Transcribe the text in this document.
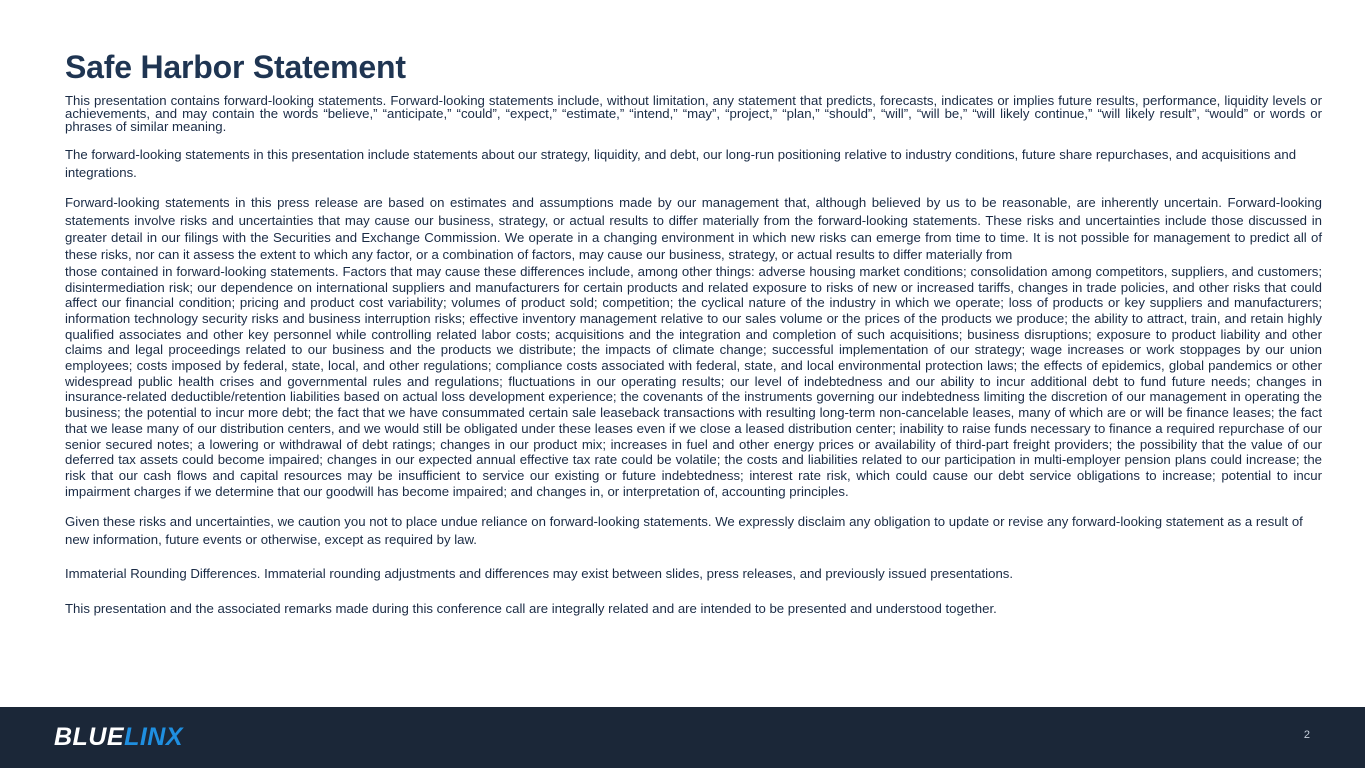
Safe Harbor Statement

This presentation contains forward-looking statements. Forward-looking statements include, without limitation, any statement that predicts, forecasts, indicates or implies future results, performance, liquidity levels or achievements, and may contain the words “believe,” “anticipate,” “could”, “expect,” “estimate,” “intend,” “may”, “project,” “plan,” “should”, “will”, “will be,” “will likely continue,” “will likely result”, “would” or words or phrases of similar meaning.

The forward-looking statements in this presentation include statements about our strategy, liquidity, and debt, our long-run positioning relative to industry conditions, future share repurchases, and acquisitions and integrations.

Forward-looking statements in this press release are based on estimates and assumptions made by our management that, although believed by us to be reasonable, are inherently uncertain. Forward-looking statements involve risks and uncertainties that may cause our business, strategy, or actual results to differ materially from the forward-looking statements. These risks and uncertainties include those discussed in greater detail in our filings with the Securities and Exchange Commission. We operate in a changing environment in which new risks can emerge from time to time. It is not possible for management to predict all of these risks, nor can it assess the extent to which any factor, or a combination of factors, may cause our business, strategy, or actual results to differ materially from

those contained in forward-looking statements. Factors that may cause these differences include, among other things: adverse housing market conditions; consolidation among competitors, suppliers, and customers; disintermediation risk; our dependence on international suppliers and manufacturers for certain products and related exposure to risks of new or increased tariffs, changes in trade policies, and other risks that could affect our financial condition; pricing and product cost variability; volumes of product sold; competition; the cyclical nature of the industry in which we operate; loss of products or key suppliers and manufacturers; information technology security risks and business interruption risks; effective inventory management relative to our sales volume or the prices of the products we produce; the ability to attract, train, and retain highly qualified associates and other key personnel while controlling related labor costs; acquisitions and the integration and completion of such acquisitions; business disruptions; exposure to product liability and other claims and legal proceedings related to our business and the products we distribute; the impacts of climate change; successful implementation of our strategy; wage increases or work stoppages by our union employees; costs imposed by federal, state, local, and other regulations; compliance costs associated with federal, state, and local environmental protection laws; the effects of epidemics, global pandemics or other widespread public health crises and governmental rules and regulations; fluctuations in our operating results; our level of indebtedness and our ability to incur additional debt to fund future needs; changes in insurance-related deductible/retention liabilities based on actual loss development experience; the covenants of the instruments governing our indebtedness limiting the discretion of our management in operating the business; the potential to incur more debt; the fact that we have consummated certain sale leaseback transactions with resulting long-term non-cancelable leases, many of which are or will be finance leases; the fact that we lease many of our distribution centers, and we would still be obligated under these leases even if we close a leased distribution center; inability to raise funds necessary to finance a required repurchase of our senior secured notes; a lowering or withdrawal of debt ratings; changes in our product mix; increases in fuel and other energy prices or availability of third-part freight providers; the possibility that the value of our deferred tax assets could become impaired; changes in our expected annual effective tax rate could be volatile; the costs and liabilities related to our participation in multi-employer pension plans could increase; the risk that our cash flows and capital resources may be insufficient to service our existing or future indebtedness; interest rate risk, which could cause our debt service obligations to increase; potential to incur impairment charges if we determine that our goodwill has become impaired; and changes in, or interpretation of, accounting principles.

Given these risks and uncertainties, we caution you not to place undue reliance on forward-looking statements. We expressly disclaim any obligation to update or revise any forward-looking statement as a result of new information, future events or otherwise, except as required by law.

Immaterial Rounding Differences. Immaterial rounding adjustments and differences may exist between slides, press releases, and previously issued presentations.

This presentation and the associated remarks made during this conference call are integrally related and are intended to be presented and understood together.

BLUELINX	2
